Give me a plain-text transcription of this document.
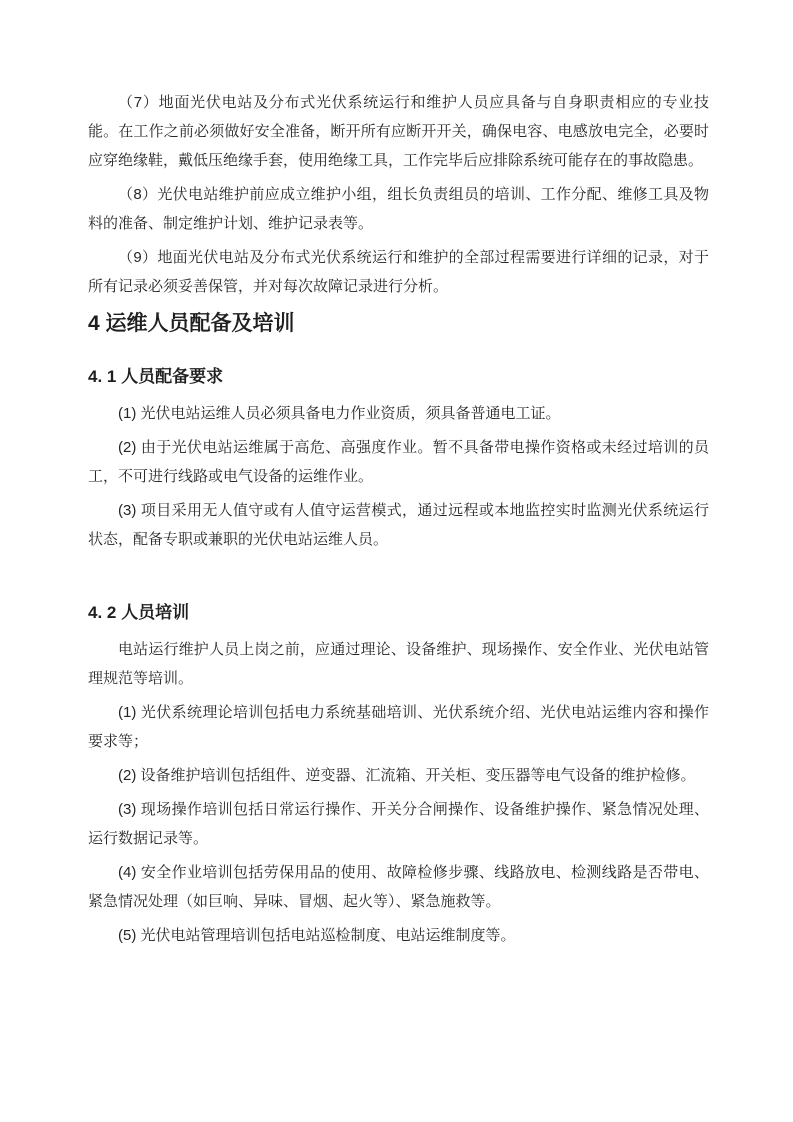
（7）地面光伏电站及分布式光伏系统运行和维护人员应具备与自身职责相应的专业技能。在工作之前必须做好安全准备，断开所有应断开开关，确保电容、电感放电完全，必要时应穿绝缘鞋，戴低压绝缘手套，使用绝缘工具，工作完毕后应排除系统可能存在的事故隐患。

（8）光伏电站维护前应成立维护小组，组长负责组员的培训、工作分配、维修工具及物料的准备、制定维护计划、维护记录表等。

（9）地面光伏电站及分布式光伏系统运行和维护的全部过程需要进行详细的记录，对于所有记录必须妥善保管，并对每次故障记录进行分析。

4 运维人员配备及培训
4. 1 人员配备要求

(1) 光伏电站运维人员必须具备电力作业资质，须具备普通电工证。

(2) 由于光伏电站运维属于高危、高强度作业。暂不具备带电操作资格或未经过培训的员工，不可进行线路或电气设备的运维作业。

(3) 项目采用无人值守或有人值守运营模式，通过远程或本地监控实时监测光伏系统运行状态，配备专职或兼职的光伏电站运维人员。

4. 2 人员培训

电站运行维护人员上岗之前，应通过理论、设备维护、现场操作、安全作业、光伏电站管理规范等培训。

(1) 光伏系统理论培训包括电力系统基础培训、光伏系统介绍、光伏电站运维内容和操作要求等；

(2) 设备维护培训包括组件、逆变器、汇流箱、开关柜、变压器等电气设备的维护检修。

(3) 现场操作培训包括日常运行操作、开关分合闸操作、设备维护操作、紧急情况处理、运行数据记录等。

(4) 安全作业培训包括劳保用品的使用、故障检修步骤、线路放电、检测线路是否带电、紧急情况处理（如巨响、异味、冒烟、起火等）、紧急施救等。

(5) 光伏电站管理培训包括电站巡检制度、电站运维制度等。
